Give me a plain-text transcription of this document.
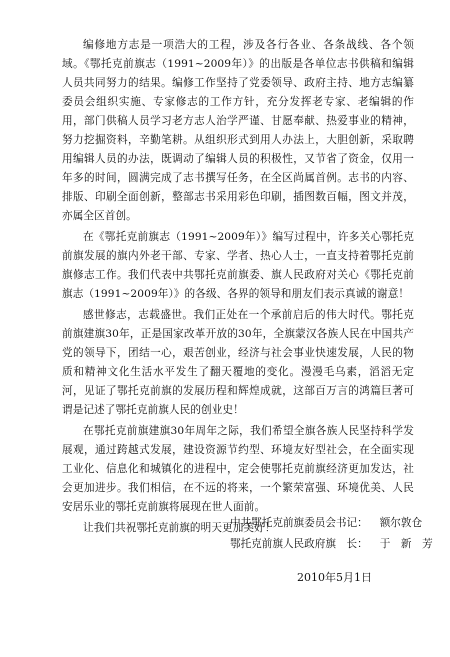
编修地方志是一项浩大的工程，涉及各行各业、各条战线、各个领域。《鄂托克前旗志（1991~2009年）》的出版是各单位志书供稿和编辑人员共同努力的结果。编修工作坚持了党委领导、政府主持、地方志编纂委员会组织实施、专家修志的工作方针，充分发挥老专家、老编辑的作用，部门供稿人员学习老方志人治学严谨、甘愿奉献、热爱事业的精神，努力挖掘资料，辛勤笔耕。从组织形式到用人办法上，大胆创新，采取聘用编辑人员的办法，既调动了编辑人员的积极性，又节省了资金，仅用一年多的时间，圆满完成了志书撰写任务，在全区尚属首例。志书的内容、排版、印刷全面创新，整部志书采用彩色印刷，插图数百幅，图文并茂，亦属全区首创。

在《鄂托克前旗志（1991~2009年）》编写过程中，许多关心鄂托克前旗发展的旗内外老干部、专家、学者、热心人士，一直支持着鄂托克前旗修志工作。我们代表中共鄂托克前旗委、旗人民政府对关心《鄂托克前旗志（1991~2009年）》的各级、各界的领导和朋友们表示真诚的谢意！

感世修志，志载盛世。我们正处在一个承前启后的伟大时代。鄂托克前旗建旗30年，正是国家改革开放的30年，全旗蒙汉各族人民在中国共产党的领导下，团结一心，艰苦创业，经济与社会事业快速发展，人民的物质和精神文化生活水平发生了翻天覆地的变化。漫漫毛乌素，滔滔无定河，见证了鄂托克前旗的发展历程和辉煌成就，这部百万言的鸿篇巨著可谓是记述了鄂托克前旗人民的创业史！

在鄂托克前旗建旗30年周年之际，我们希望全旗各族人民坚持科学发展观，通过跨越式发展，建设资源节约型、环境友好型社会，在全面实现工业化、信息化和城镇化的进程中，定会使鄂托克前旗经济更加发达，社会更加进步。我们相信，在不远的将来，一个繁荣富强、环境优美、人民安居乐业的鄂托克前旗将展现在世人面前。

让我们共祝鄂托克前旗的明天更加美好！

中共鄂托克前旗委员会书记： 额尔敦仓
鄂托克前旗人民政府旗　长： 于　新　芳
2010年5月1日
